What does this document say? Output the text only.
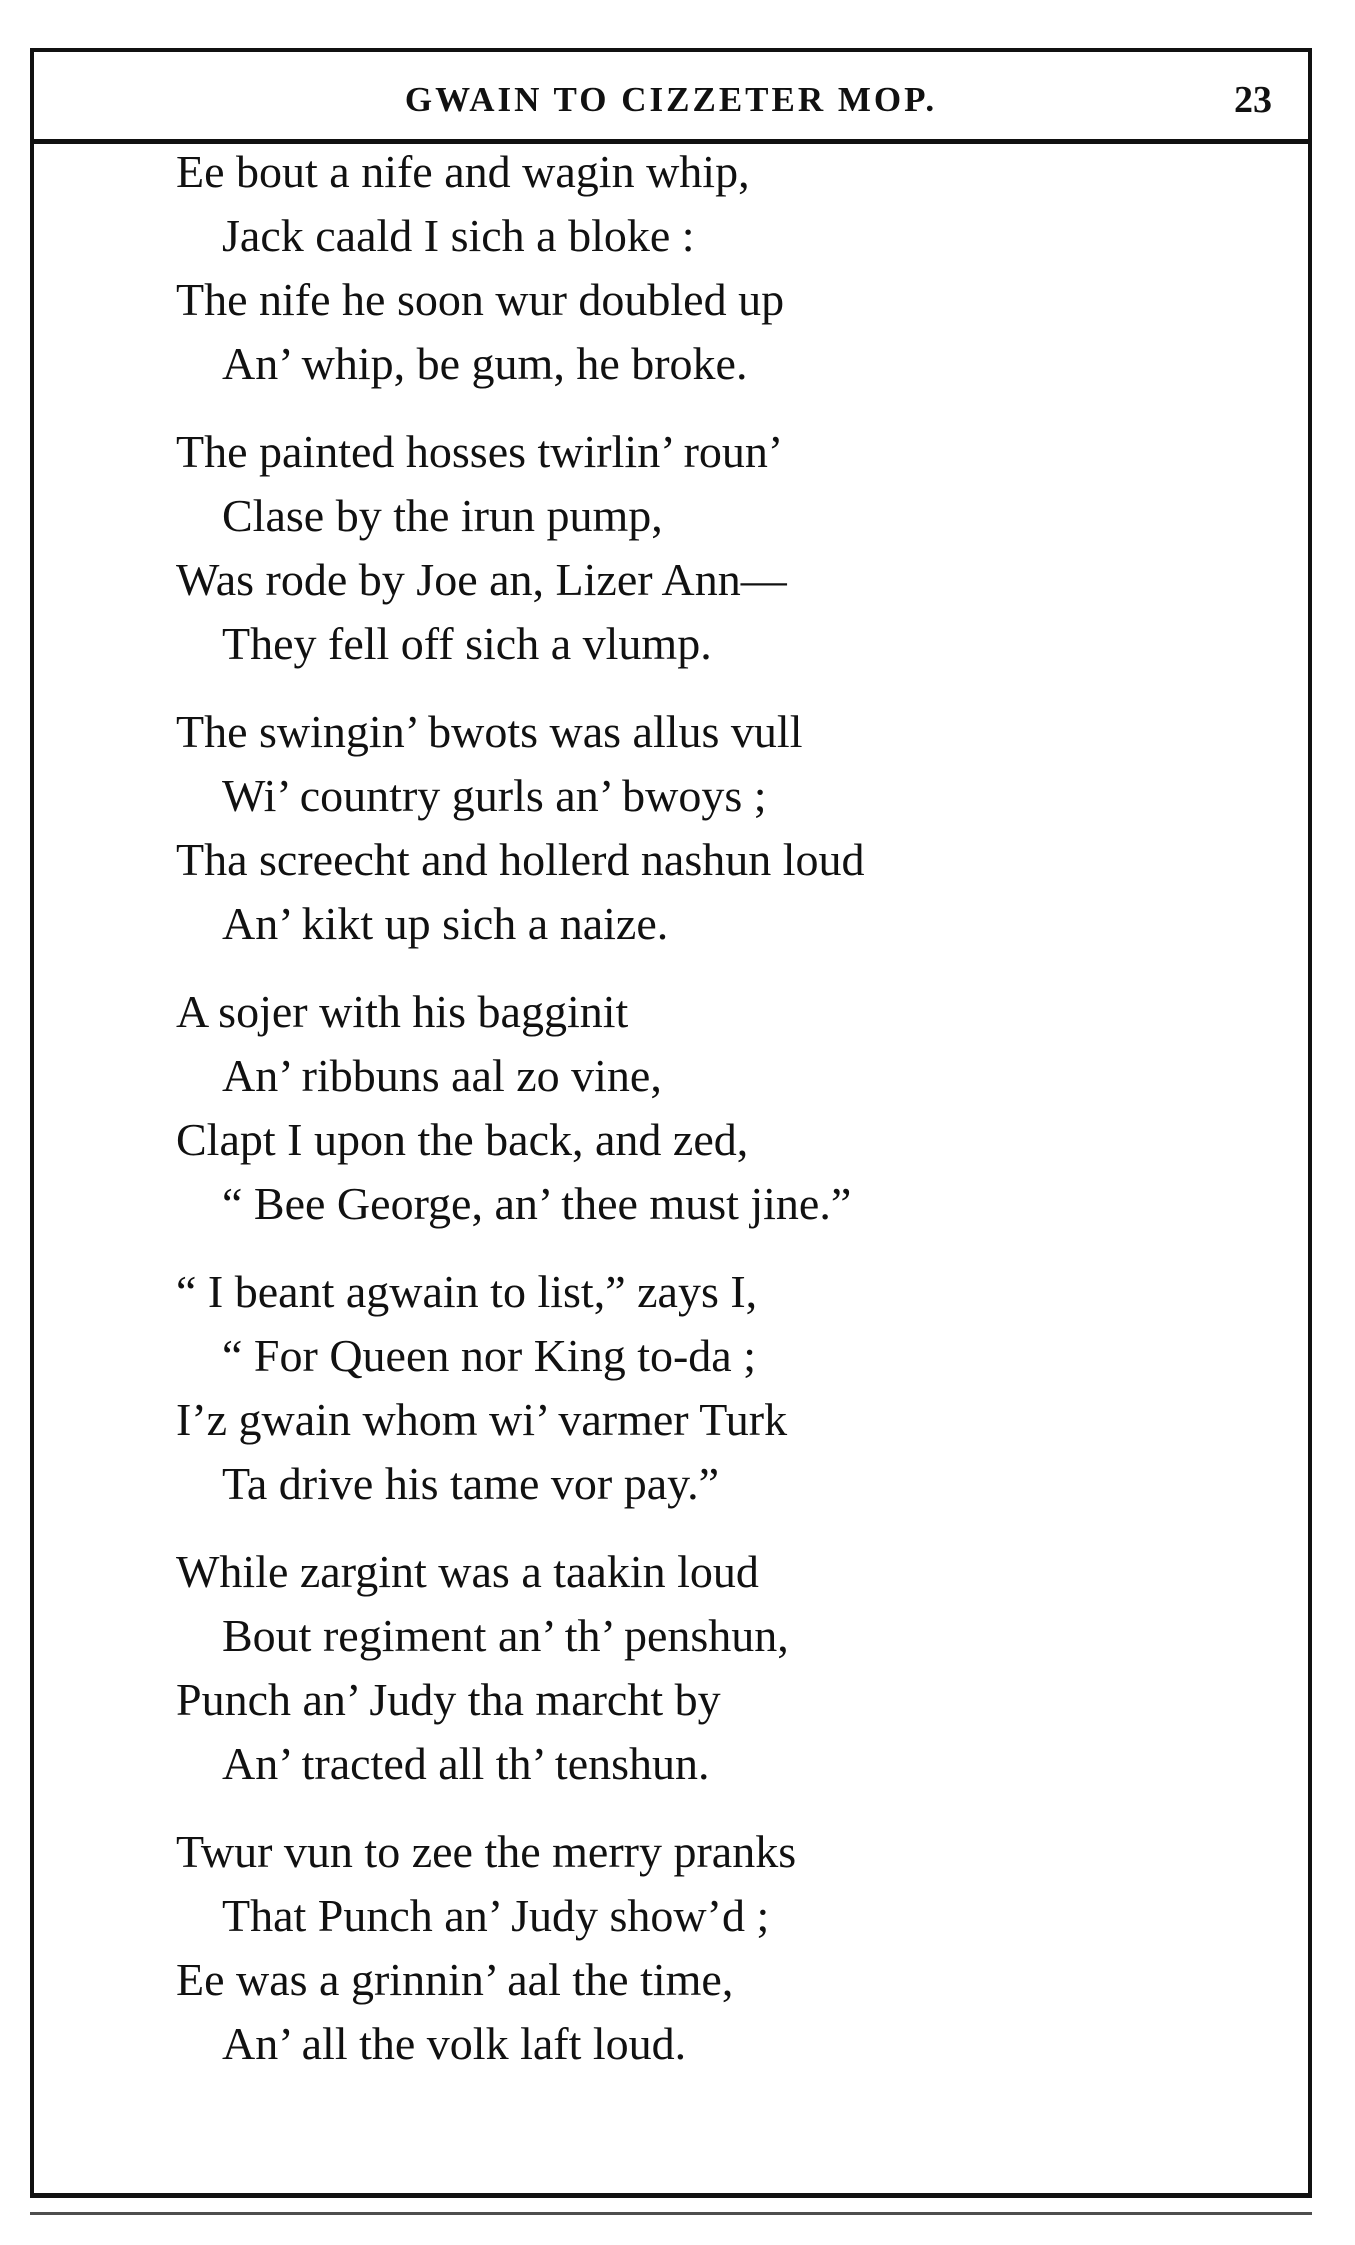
GWAIN TO CIZZETER MOP.	23
Ee bout a nife and wagin whip,
Jack caald I sich a bloke :
The nife he soon wur doubled up
An’ whip, be gum, he broke.
The painted hosses twirlin’ roun’
Clase by the irun pump,
Was rode by Joe an, Lizer Ann—
They fell off sich a vlump.
The swingin’ bwots was allus vull
Wi’ country gurls an’ bwoys ;
Tha screecht and hollerd nashun loud
An’ kikt up sich a naize.
A sojer with his bagginit
An’ ribbuns aal zo vine,
Clapt I upon the back, and zed,
“ Bee George, an’ thee must jine.”
“ I beant agwain to list,” zays I,
“ For Queen nor King to-da ;
I’z gwain whom wi’ varmer Turk
Ta drive his tame vor pay.”
While zargint was a taakin loud
Bout regiment an’ th’ penshun,
Punch an’ Judy tha marcht by
An’ tracted all th’ tenshun.
Twur vun to zee the merry pranks
That Punch an’ Judy show’d ;
Ee was a grinnin’ aal the time,
An’ all the volk laft loud.
